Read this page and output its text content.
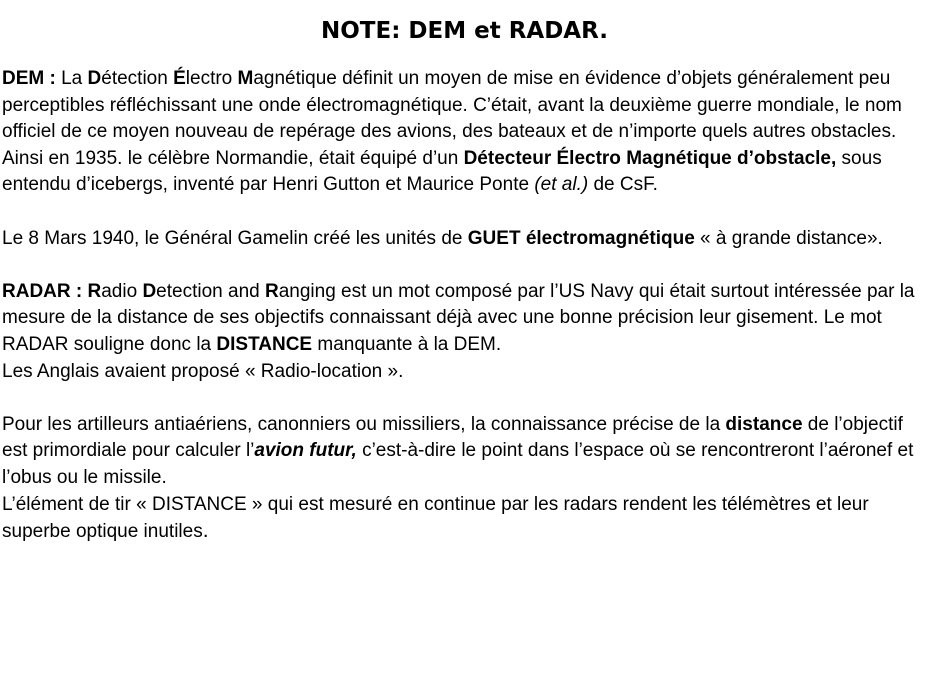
NOTE: DEM et RADAR.

DEM : La Détection Électro Magnétique définit un moyen de mise en évidence d’objets généralement peu perceptibles réfléchissant une onde électromagnétique. C’était, avant la deuxième guerre mondiale, le nom officiel de ce moyen nouveau de repérage des avions, des bateaux et de n’importe quels autres obstacles.

Ainsi en 1935. le célèbre Normandie, était équipé d’un Détecteur Électro Magnétique d’obstacle, sous entendu d’icebergs, inventé par Henri Gutton et Maurice Ponte (et al.) de CsF.

Le 8 Mars 1940, le Général Gamelin créé les unités de GUET électromagnétique « à grande distance».

RADAR : Radio Detection and Ranging est un mot composé par l’US Navy qui était surtout intéressée par la mesure de la distance de ses objectifs connaissant déjà avec une bonne précision leur gisement. Le mot RADAR souligne donc la DISTANCE manquante à la DEM.

Les Anglais avaient proposé « Radio-location ».

Pour les artilleurs antiaériens, canonniers ou missiliers, la connaissance précise de la distance de l’objectif est primordiale pour calculer l’avion futur, c’est-à-dire le point dans l’espace où se rencontreront l’aéronef et l’obus ou le missile.

L’élément de tir « DISTANCE » qui est mesuré en continue par les radars rendent les télémètres et leur superbe optique inutiles.
